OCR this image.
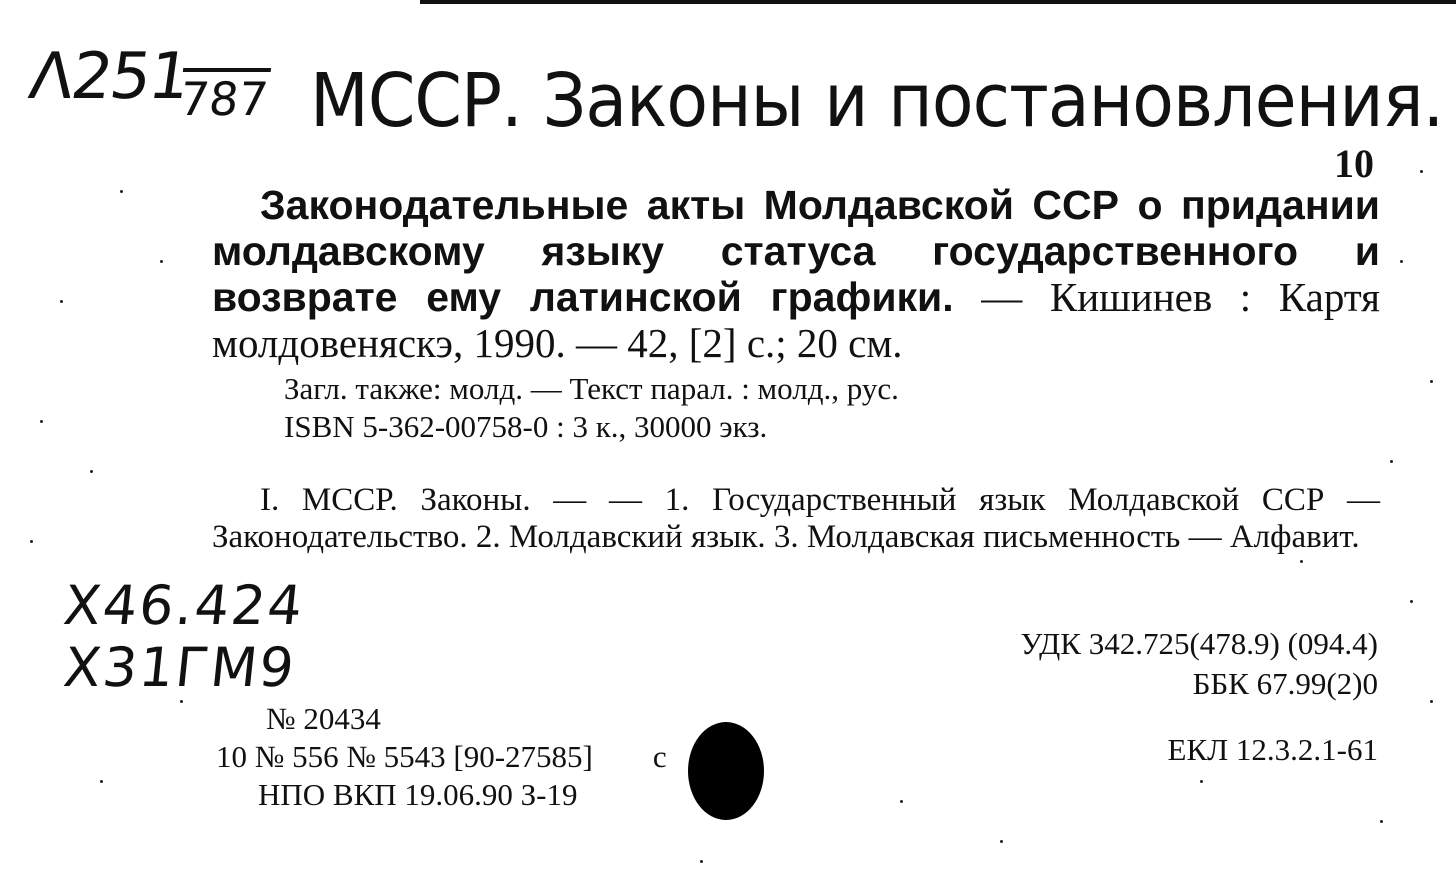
Λ251
787 МССР. Законы и постановления.
10

Законодательные акты Молдавской ССР о придании молдавскому языку статуса государственного и возврате ему латинской графики. — Кишинев : Картя молдовеняскэ, 1990. — 42, [2] с.; 20 см.

Загл. также: молд. — Текст парал. : молд., рус.
ISBN 5-362-00758-0 : 3 к., 30000 экз.

I. МССР. Законы. — — 1. Государственный язык Молдавской ССР — Законодательство. 2. Молдавский язык. 3. Молдавская письменность — Алфавит.

Х46.424
Х31ГМ9	УДК 342.725(478.9) (094.4)
ББК 67.99(2)0
№ 20434
10 № 556 № 5543 [90-27585] с
НПО ВКП 19.06.90 З-19
ЕКЛ 12.3.2.1-61
